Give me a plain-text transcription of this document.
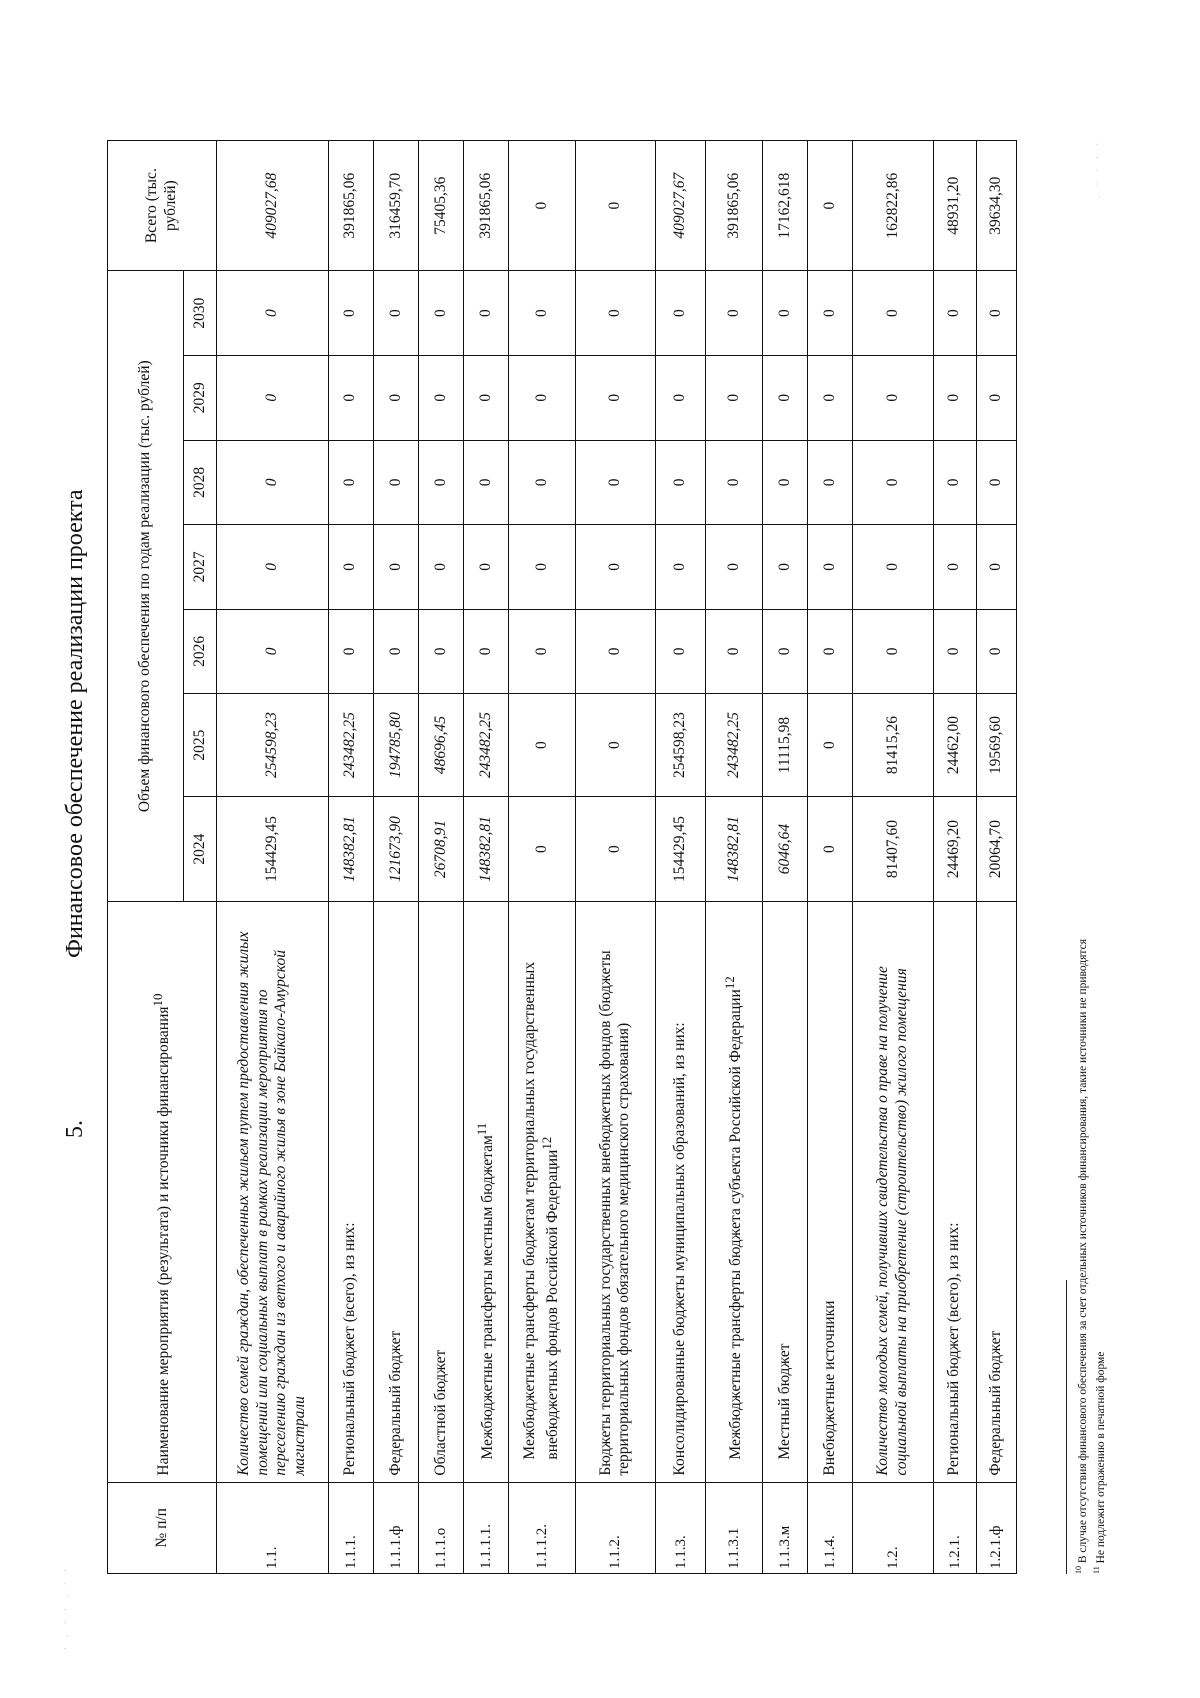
· . · · . · ·
. · · · ·
5.Финансовое обеспечение реализации проекта
№ п/п	Наименование мероприятия (результата) и источники финансирования$^{10}$	Объем финансового обеспечения по годам реализации (тыс. рублей)							Всего (тыс. рублей)
		2024	2025	2026	2027	2028	2029	2030	
1.1.	Количество семей граждан, обеспеченных жильем путем предоставления жилых помещений или социальных выплат в рамках реализации мероприятия по переселению граждан из ветхого и аварийного жилья в зоне Байкало-Амурской магистрали	154429,45	254598,23	0	0	0	0	0	409027,68
1.1.1.	Региональный бюджет (всего), из них:	148382,81	243482,25	0	0	0	0	0	391865,06
1.1.1.ф	Федеральный бюджет	121673,90	194785,80	0	0	0	0	0	316459,70
1.1.1.о	Областной бюджет	26708,91	48696,45	0	0	0	0	0	75405,36
1.1.1.1.	Межбюджетные трансферты местным бюджетам$^{11}$	148382,81	243482,25	0	0	0	0	0	391865,06
1.1.1.2.	Межбюджетные трансферты бюджетам территориальных государственных внебюджетных фондов Российской Федерации$^{12}$	0	0	0	0	0	0	0	0
1.1.2.	Бюджеты территориальных государственных внебюджетных фондов (бюджеты территориальных фондов обязательного медицинского страхования)	0	0	0	0	0	0	0	0
1.1.3.	Консолидированные бюджеты муниципальных образований, из них:	154429,45	254598,23	0	0	0	0	0	409027,67
1.1.3.1	Межбюджетные трансферты бюджета субъекта Российской Федерации$^{12}$	148382,81	243482,25	0	0	0	0	0	391865,06
1.1.3.м	Местный бюджет	6046,64	11115,98	0	0	0	0	0	17162,618
1.1.4.	Внебюджетные источники	0	0	0	0	0	0	0	0
1.2.	Количество молодых семей, получивших свидетельства о праве на получение социальной выплаты на приобретение (строительство) жилого помещения	81407,60	81415,26	0	0	0	0	0	162822,86
1.2.1.	Региональный бюджет (всего), из них:	24469,20	24462,00	0	0	0	0	0	48931,20
1.2.1.ф	Федеральный бюджет	20064,70	19569,60	0	0	0	0	0	39634,30
$^{10}$ В случае отсутствия финансового обеспечения за счет отдельных источников финансирования, такие источники не приводятся
$^{11}$ Не подлежит отражению в печатной форме
